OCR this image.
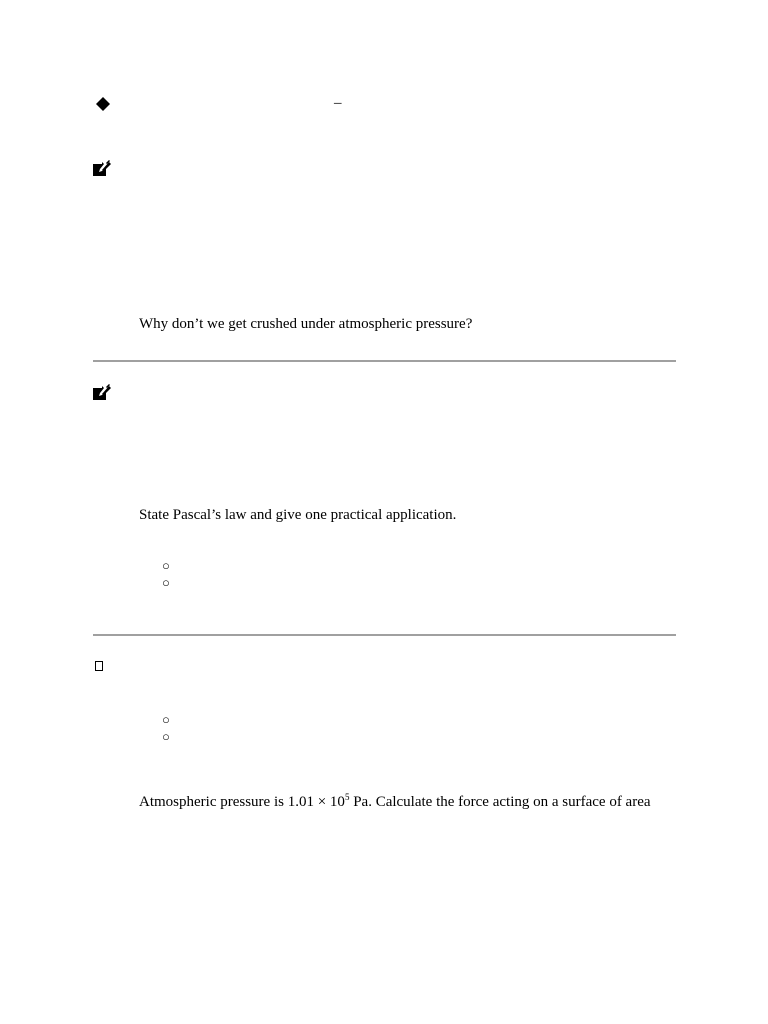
–
Why don’t we get crushed under atmospheric pressure?
State Pascal’s law and give one practical application.
○
○
○
○
Atmospheric pressure is $1.01 \times 10^5$ Pa. Calculate the force acting on a surface of area
